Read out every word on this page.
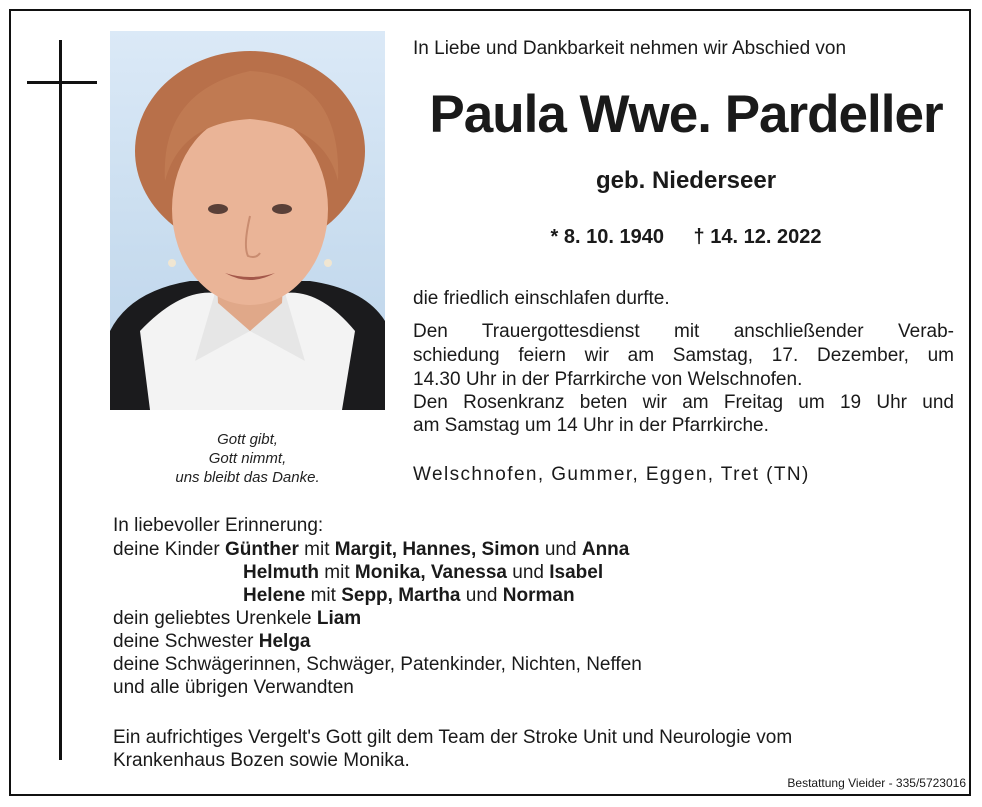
Gott gibt,
Gott nimmt,
uns bleibt das Danke.
In Liebe und Dankbarkeit nehmen wir Abschied von
Paula Wwe. Pardeller
geb. Niederseer
* 8. 10. 1940 † 14. 12. 2022
die friedlich einschlafen durfte.
Den Trauergottesdienst mit anschließender Verab-
schiedung feiern wir am Samstag, 17. Dezember, um
14.30 Uhr in der Pfarrkirche von Welschnofen.
Den Rosenkranz beten wir am Freitag um 19 Uhr und
am Samstag um 14 Uhr in der Pfarrkirche.
Welschnofen, Gummer, Eggen, Tret (TN)
In liebevoller Erinnerung:
deine Kinder Günther mit Margit, Hannes, Simon und Anna
Helmuth mit Monika, Vanessa und Isabel
Helene mit Sepp, Martha und Norman
dein geliebtes Urenkele Liam
deine Schwester Helga
deine Schwägerinnen, Schwäger, Patenkinder, Nichten, Neffen
und alle übrigen Verwandten
Ein aufrichtiges Vergelt's Gott gilt dem Team der Stroke Unit und Neurologie vom
Krankenhaus Bozen sowie Monika.
Bestattung Vieider - 335/5723016
